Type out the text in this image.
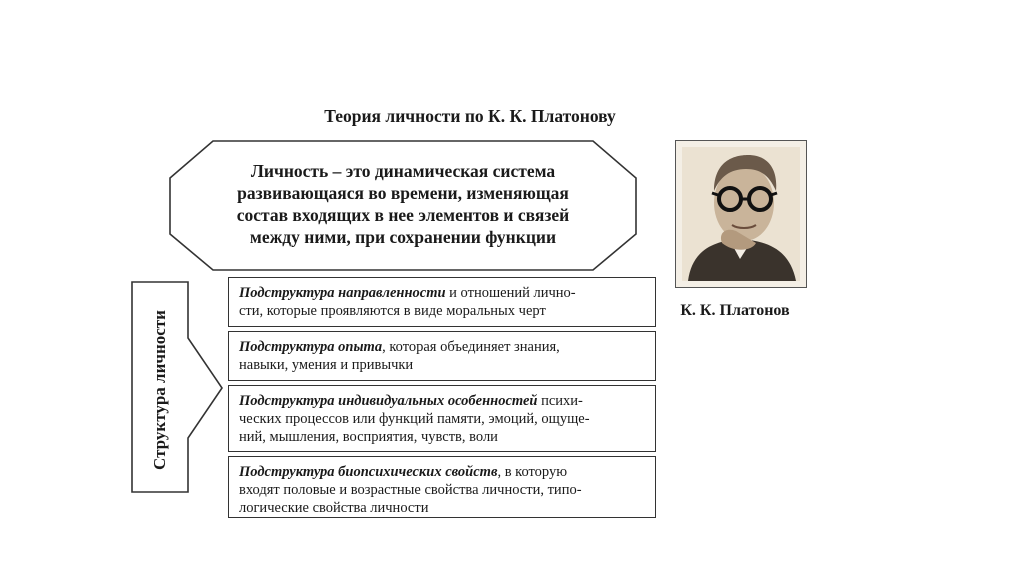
Теория личности по К. К. Платонову
Личность – это динамическая система
развивающаяся во времени, изменяющая
состав входящих в нее элементов и связей
между ними, при сохранении функции
Структура личности
Подструктура направленности и отношений лично-
сти, которые проявляются в виде моральных черт
Подструктура опыта, которая объединяет знания,
навыки, умения и привычки
Подструктура индивидуальных особенностей психи-
ческих процессов или функций памяти, эмоций, ощуще-
ний, мышления, восприятия, чувств, воли
Подструктура биопсихических свойств, в которую
входят половые и возрастные свойства личности, типо-
логические свойства личности
К. К. Платонов
